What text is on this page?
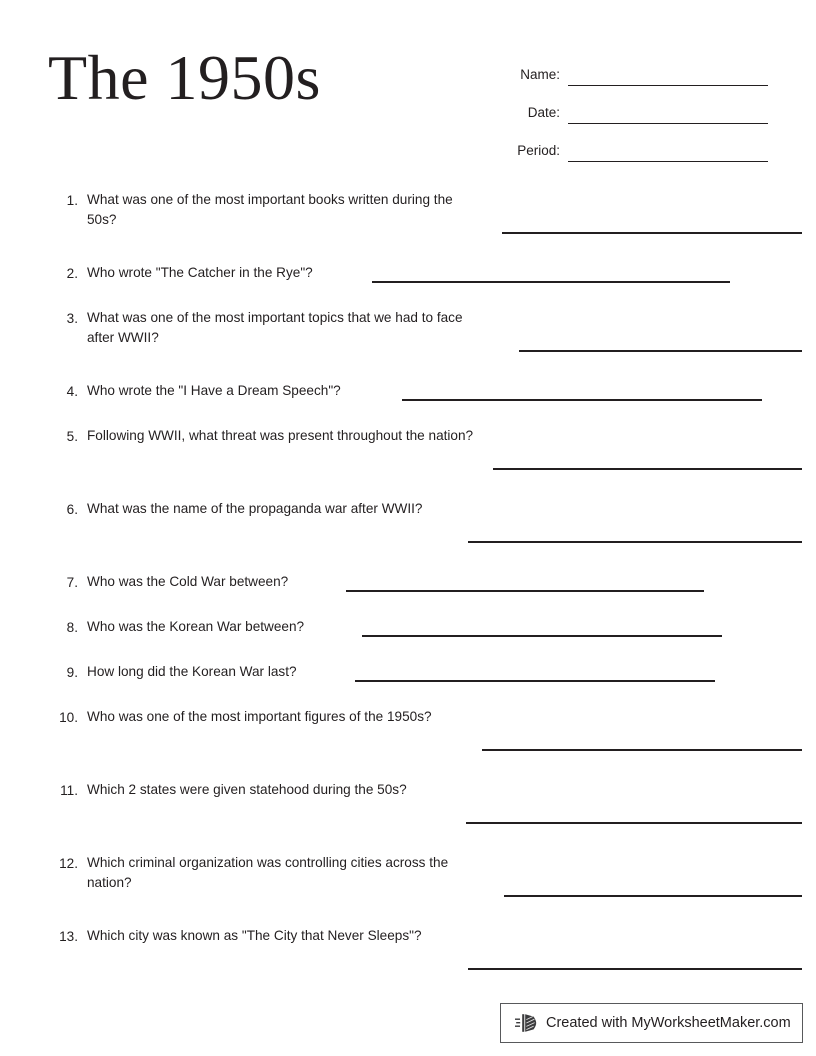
The 1950s	Name:
Date:
Period:
1. What was one of the most important books written during the 50s?
2. Who wrote "The Catcher in the Rye"?
3. What was one of the most important topics that we had to face after WWII?
4. Who wrote the "I Have a Dream Speech"?
5. Following WWII, what threat was present throughout the nation?
6. What was the name of the propaganda war after WWII?
7. Who was the Cold War between?
8. Who was the Korean War between?
9. How long did the Korean War last?
10. Who was one of the most important figures of the 1950s?
11. Which 2 states were given statehood during the 50s?
12. Which criminal organization was controlling cities across the nation?
13. Which city was known as "The City that Never Sleeps"?
Created with MyWorksheetMaker.com
